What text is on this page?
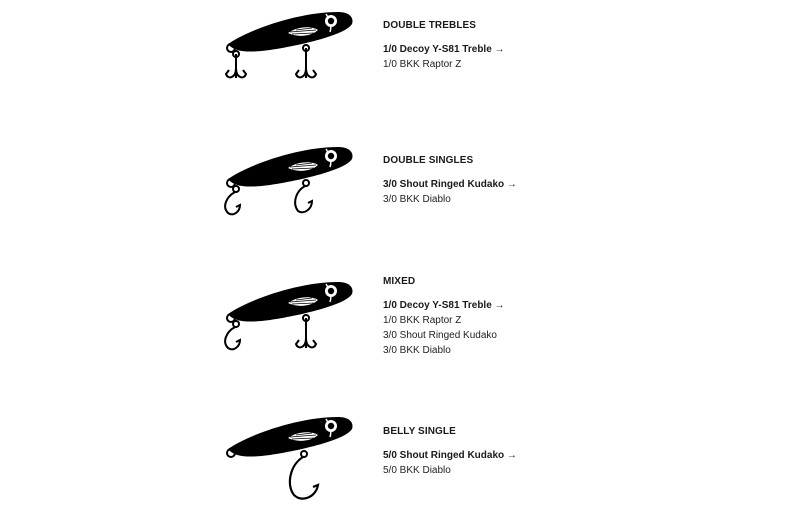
DOUBLE TREBLES
1/0 Decoy Y-S81 Treble →
1/0 BKK Raptor Z
DOUBLE SINGLES
3/0 Shout Ringed Kudako →
3/0 BKK Diablo
MIXED
1/0 Decoy Y-S81 Treble →
1/0 BKK Raptor Z
3/0 Shout Ringed Kudako
3/0 BKK Diablo
BELLY SINGLE
5/0 Shout Ringed Kudako →
5/0 BKK Diablo
